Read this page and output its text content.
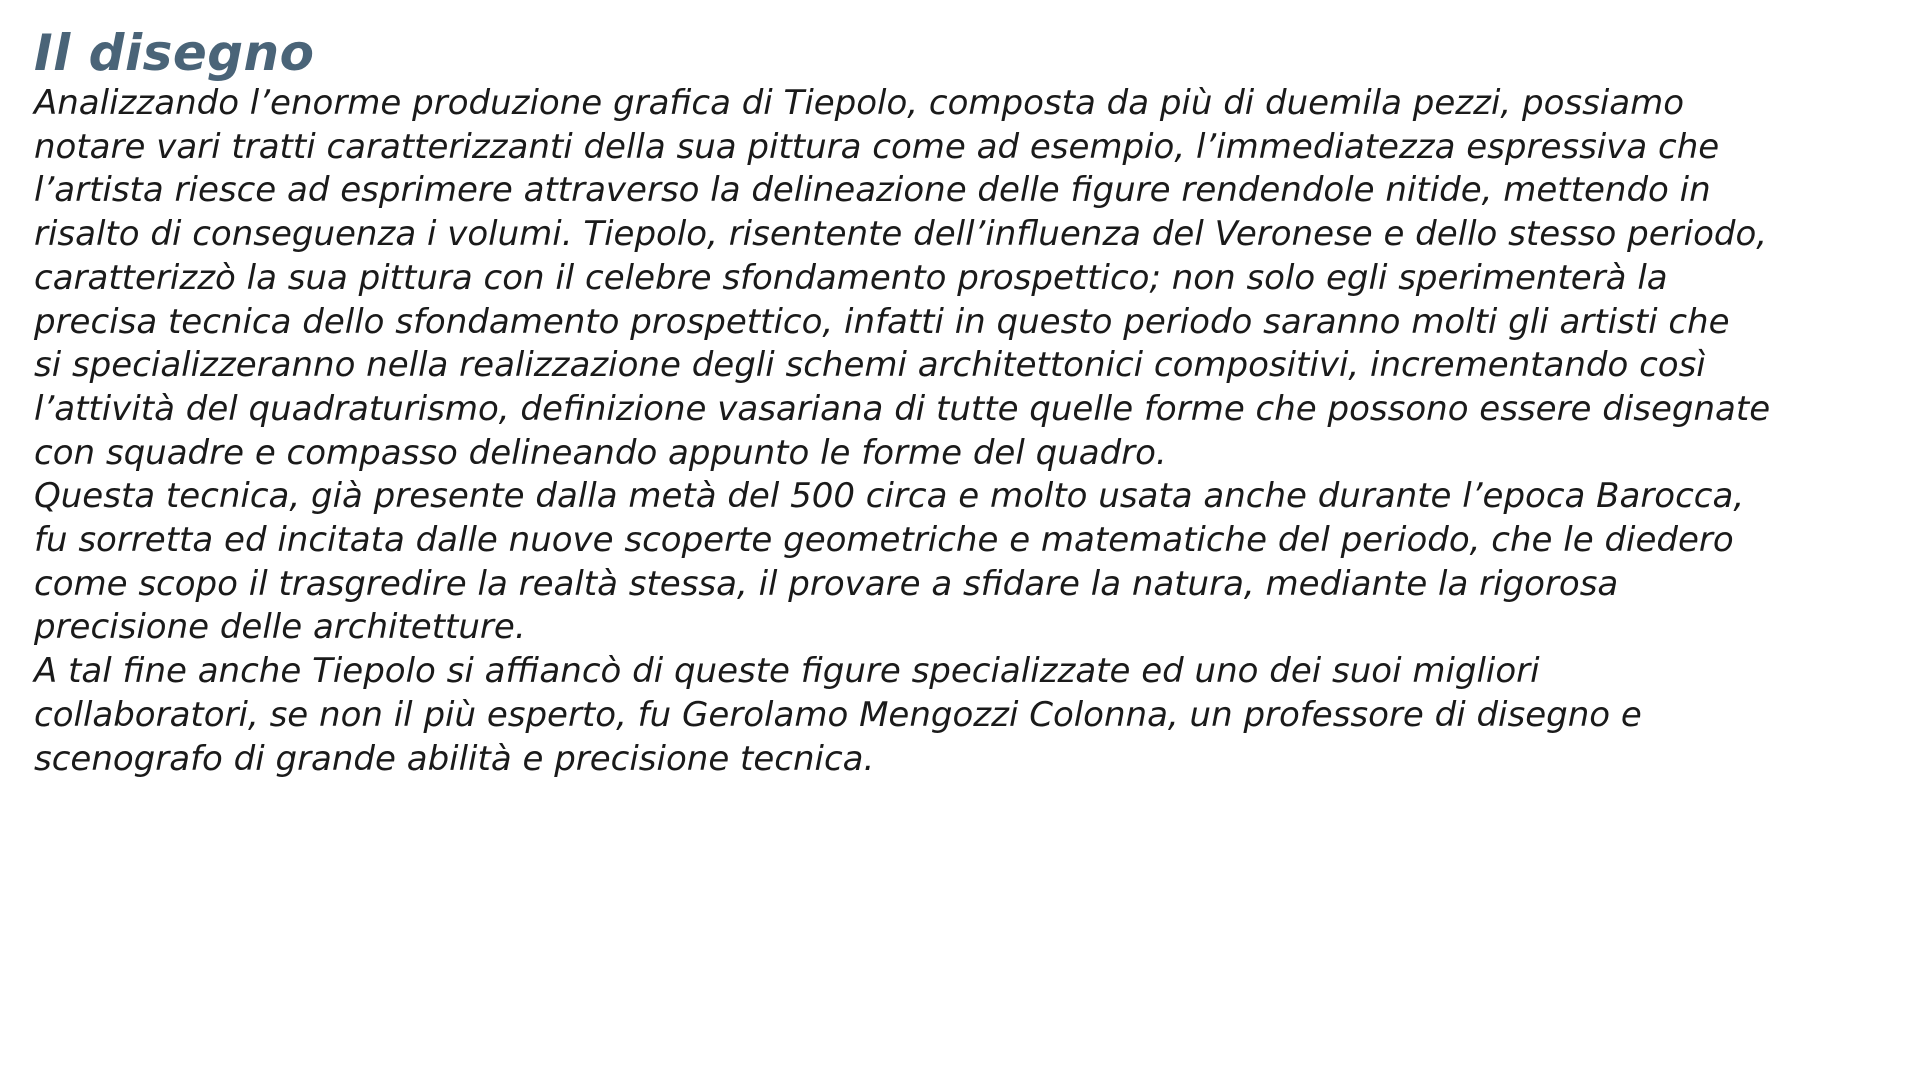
Il disegno
Analizzando l’enorme produzione grafica di Tiepolo, composta da più di duemila pezzi, possiamo
notare vari tratti caratterizzanti della sua pittura come ad esempio, l’immediatezza espressiva che
l’artista riesce ad esprimere attraverso la delineazione delle figure rendendole nitide, mettendo in
risalto di conseguenza i volumi. Tiepolo, risentente dell’influenza del Veronese e dello stesso periodo,
caratterizzò la sua pittura con il celebre sfondamento prospettico; non solo egli sperimenterà la
precisa tecnica dello sfondamento prospettico, infatti in questo periodo saranno molti gli artisti che
si specializzeranno nella realizzazione degli schemi architettonici compositivi, incrementando così
l’attività del quadraturismo, definizione vasariana di tutte quelle forme che possono essere disegnate
con squadre e compasso delineando appunto le forme del quadro.
Questa tecnica, già presente dalla metà del 500 circa e molto usata anche durante l’epoca Barocca,
fu sorretta ed incitata dalle nuove scoperte geometriche e matematiche del periodo, che le diedero
come scopo il trasgredire la realtà stessa, il provare a sfidare la natura, mediante la rigorosa
precisione delle architetture.
A tal fine anche Tiepolo si affiancò di queste figure specializzate ed uno dei suoi migliori
collaboratori, se non il più esperto, fu Gerolamo Mengozzi Colonna, un professore di disegno e
scenografo di grande abilità e precisione tecnica.
